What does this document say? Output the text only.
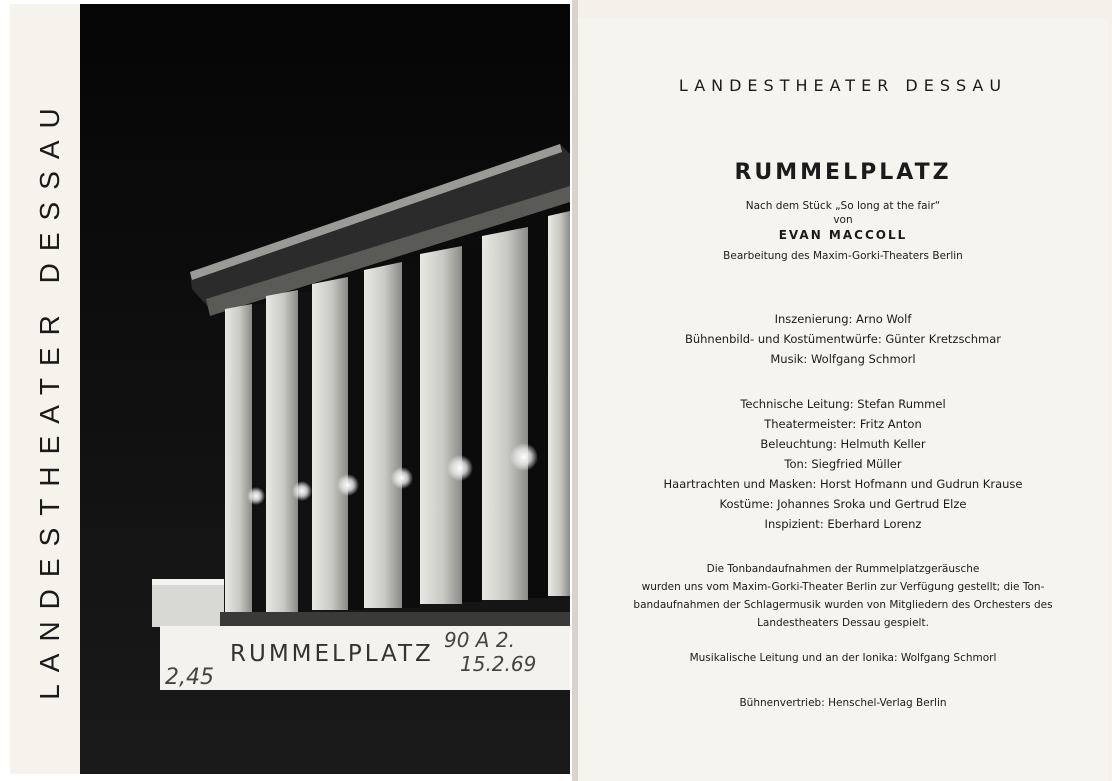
LANDESTHEATER DESSAU	RUMMELPLATZ
2,45
90 A 2.
15.2.69
LANDESTHEATER DESSAU
RUMMELPLATZ
Nach dem Stück „So long at the fair“
von
EVAN MACCOLL
Bearbeitung des Maxim-Gorki-Theaters Berlin
Inszenierung: Arno Wolf
Bühnenbild- und Kostümentwürfe: Günter Kretzschmar
Musik: Wolfgang Schmorl
Technische Leitung: Stefan Rummel
Theatermeister: Fritz Anton
Beleuchtung: Helmuth Keller
Ton: Siegfried Müller
Haartrachten und Masken: Horst Hofmann und Gudrun Krause
Kostüme: Johannes Sroka und Gertrud Elze
Inspizient: Eberhard Lorenz
Die Tonbandaufnahmen der Rummelplatzgeräusche
wurden uns vom Maxim-Gorki-Theater Berlin zur Verfügung gestellt; die Ton-
bandaufnahmen der Schlagermusik wurden von Mitgliedern des Orchesters des
Landestheaters Dessau gespielt.
Musikalische Leitung und an der Ionika: Wolfgang Schmorl
Bühnenvertrieb: Henschel-Verlag Berlin
